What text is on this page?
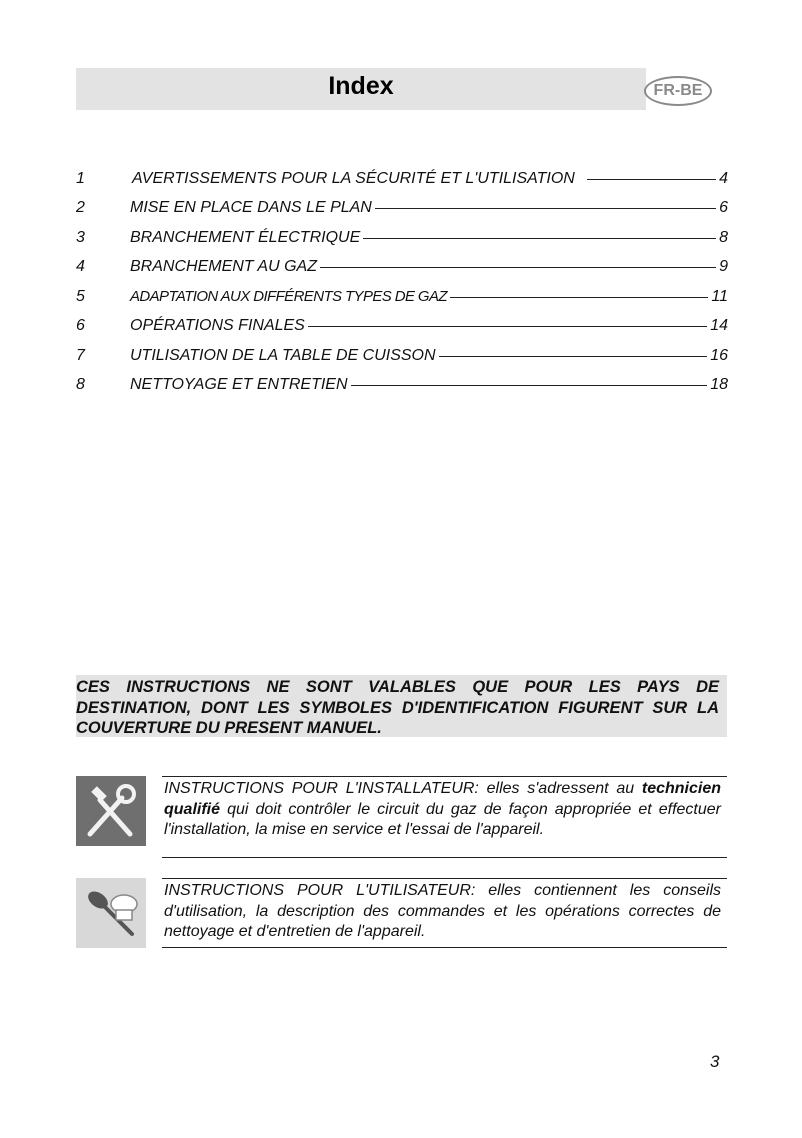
Index	FR-BE
1	AVERTISSEMENTS POUR LA SÉCURITÉ ET L'UTILISATION	4
2	MISE EN PLACE DANS LE PLAN	6
3	BRANCHEMENT ÉLECTRIQUE	8
4	BRANCHEMENT AU GAZ	9
5	ADAPTATION AUX DIFFÉRENTS TYPES DE GAZ	11
6	OPÉRATIONS FINALES	14
7	UTILISATION DE LA TABLE DE CUISSON	16
8	NETTOYAGE ET ENTRETIEN	18
CES INSTRUCTIONS NE SONT VALABLES QUE POUR LES PAYS DE DESTINATION, DONT LES SYMBOLES D'IDENTIFICATION FIGURENT SUR LA COUVERTURE DU PRESENT MANUEL.
INSTRUCTIONS POUR L'INSTALLATEUR: elles s'adressent au technicien qualifié qui doit contrôler le circuit du gaz de façon appropriée et effectuer l'installation, la mise en service et l'essai de l'appareil.
INSTRUCTIONS POUR L'UTILISATEUR: elles contiennent les conseils d'utilisation, la description des commandes et les opérations correctes de nettoyage et d'entretien de l'appareil.
3
